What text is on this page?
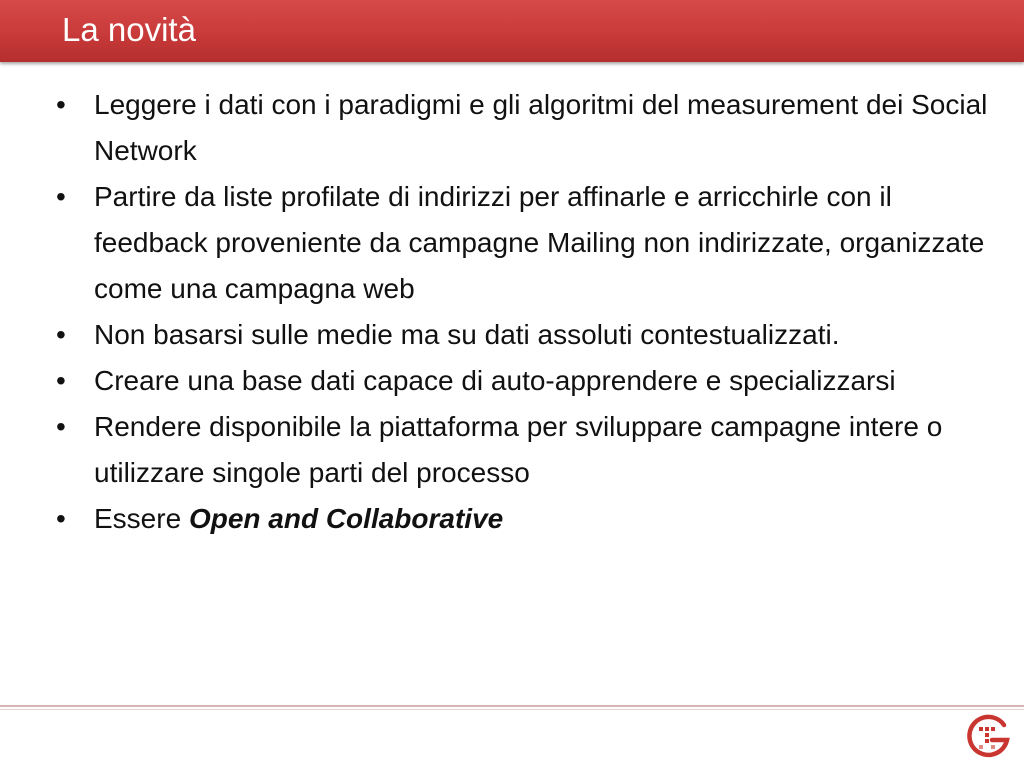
La novità
• Leggere i dati con i paradigmi e gli algoritmi del measurement dei Social Network
• Partire da liste profilate di indirizzi per affinarle e arricchirle con il feedback proveniente da campagne Mailing non indirizzate, organizzate come una campagna web
• Non basarsi sulle medie ma su dati assoluti contestualizzati.
• Creare una base dati capace di auto-apprendere e specializzarsi
• Rendere disponibile la piattaforma per sviluppare campagne intere o utilizzare singole parti del processo
• Essere Open and Collaborative
